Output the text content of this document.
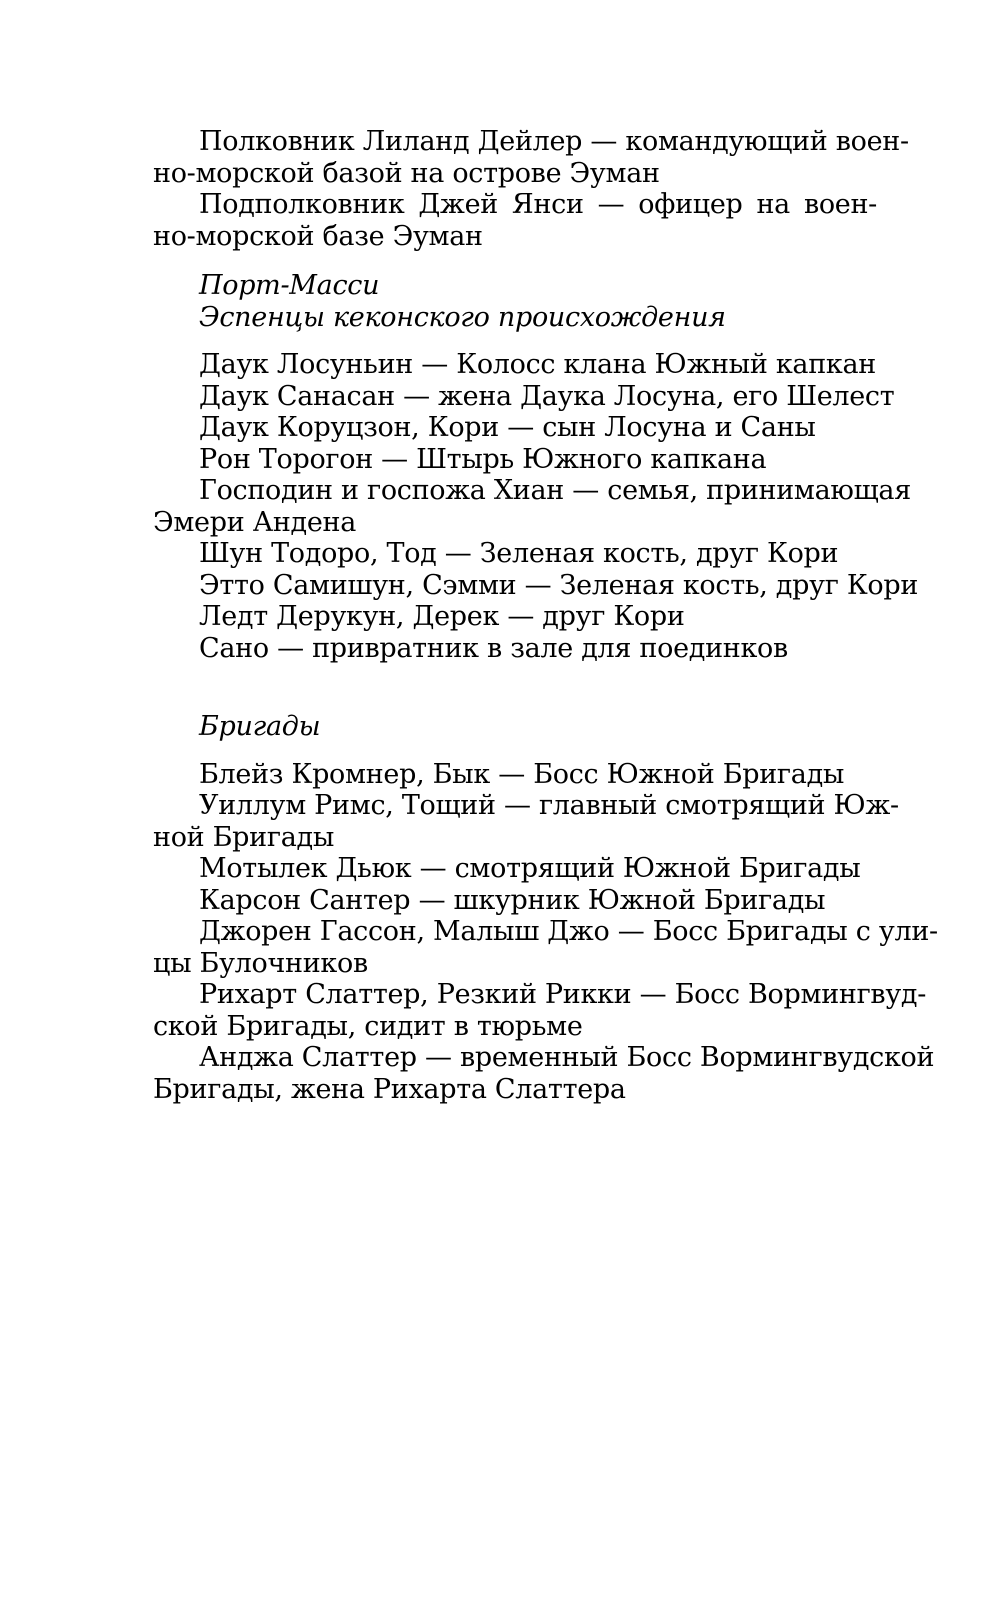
Полковник Лиланд Дейлер — командующий воен-
но-морской базой на острове Эуман
Подполковник Джей Янси — офицер на воен-
но-морской базе Эуман
Порт-Масси
Эспенцы кеконского происхождения
Даук Лосуньин — Колосс клана Южный капкан
Даук Санасан — жена Даука Лосуна, его Шелест
Даук Коруцзон, Кори — сын Лосуна и Саны
Рон Торогон — Штырь Южного капкана
Господин и госпожа Хиан — семья, принимающая
Эмери Андена
Шун Тодоро, Тод — Зеленая кость, друг Кори
Этто Самишун, Сэмми — Зеленая кость, друг Кори
Ледт Дерукун, Дерек — друг Кори
Сано — привратник в зале для поединков
Бригады
Блейз Кромнер, Бык — Босс Южной Бригады
Уиллум Римс, Тощий — главный смотрящий Юж-
ной Бригады
Мотылек Дьюк — смотрящий Южной Бригады
Карсон Сантер — шкурник Южной Бригады
Джорен Гассон, Малыш Джо — Босс Бригады с ули-
цы Булочников
Рихарт Слаттер, Резкий Рикки — Босс Вормингвуд-
ской Бригады, сидит в тюрьме
Анджа Слаттер — временный Босс Вормингвудской
Бригады, жена Рихарта Слаттера
